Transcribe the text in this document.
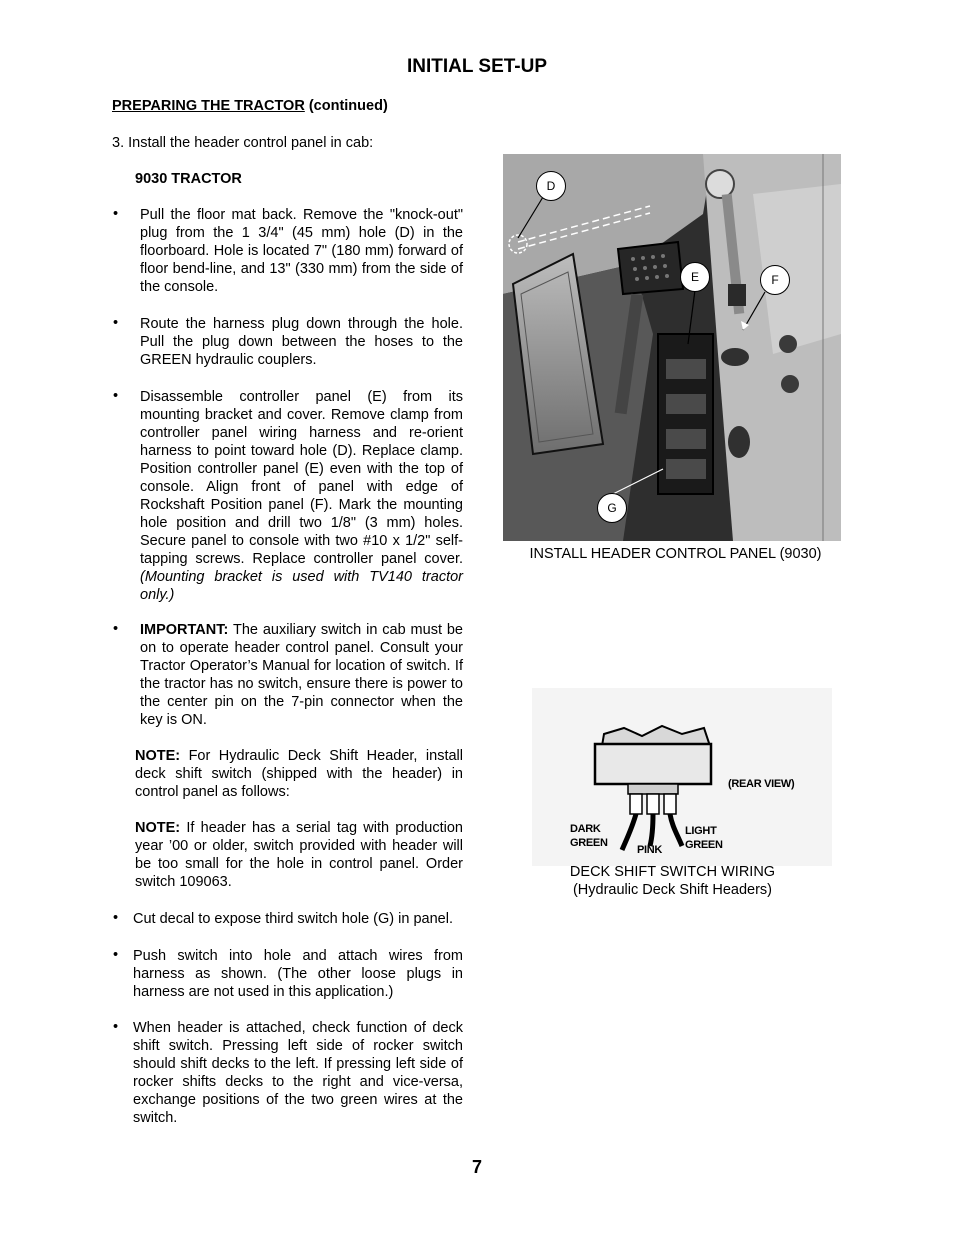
INITIAL SET-UP
PREPARING THE TRACTOR (continued)
3. Install the header control panel in cab:
9030 TRACTOR
• Pull the floor mat back. Remove the "knock-out" plug from the 1 3/4" (45 mm) hole (D) in the floorboard. Hole is located 7" (180 mm) forward of floor bend-line, and 13" (330 mm) from the side of the console.
• Route the harness plug down through the hole. Pull the plug down between the hoses to the GREEN hydraulic couplers.
• Disassemble controller panel (E) from its mounting bracket and cover. Remove clamp from controller panel wiring harness and re-orient harness to point toward hole (D). Replace clamp. Position controller panel (E) even with the top of console. Align front of panel with edge of Rockshaft Position panel (F). Mark the mounting hole position and drill two 1/8" (3 mm) holes. Secure panel to console with two #10 x 1/2" self-tapping screws. Replace controller panel cover. (Mounting bracket is used with TV140 tractor only.)
• IMPORTANT: The auxiliary switch in cab must be on to operate header control panel. Consult your Tractor Operator’s Manual for location of switch. If the tractor has no switch, ensure there is power to the center pin on the 7-pin connector when the key is ON.
NOTE: For Hydraulic Deck Shift Header, install deck shift switch (shipped with the header) in control panel as follows:
NOTE: If header has a serial tag with production year ’00 or older, switch provided with header will be too small for the hole in control panel. Order switch 109063.
• Cut decal to expose third switch hole (G) in panel.
• Push switch into hole and attach wires from harness as shown. (The other loose plugs in harness are not used in this application.)
• When header is attached, check function of deck shift switch. Pressing left side of rocker switch should shift decks to the left. If pressing left side of rocker shifts decks to the right and vice-versa, exchange positions of the two green wires at the switch.
D
E	F
G
INSTALL HEADER CONTROL PANEL (9030)
(REAR VIEW)
DARK
GREEN
PINK
LIGHT
GREEN
DECK SHIFT SWITCH WIRING
(Hydraulic Deck Shift Headers)
7
